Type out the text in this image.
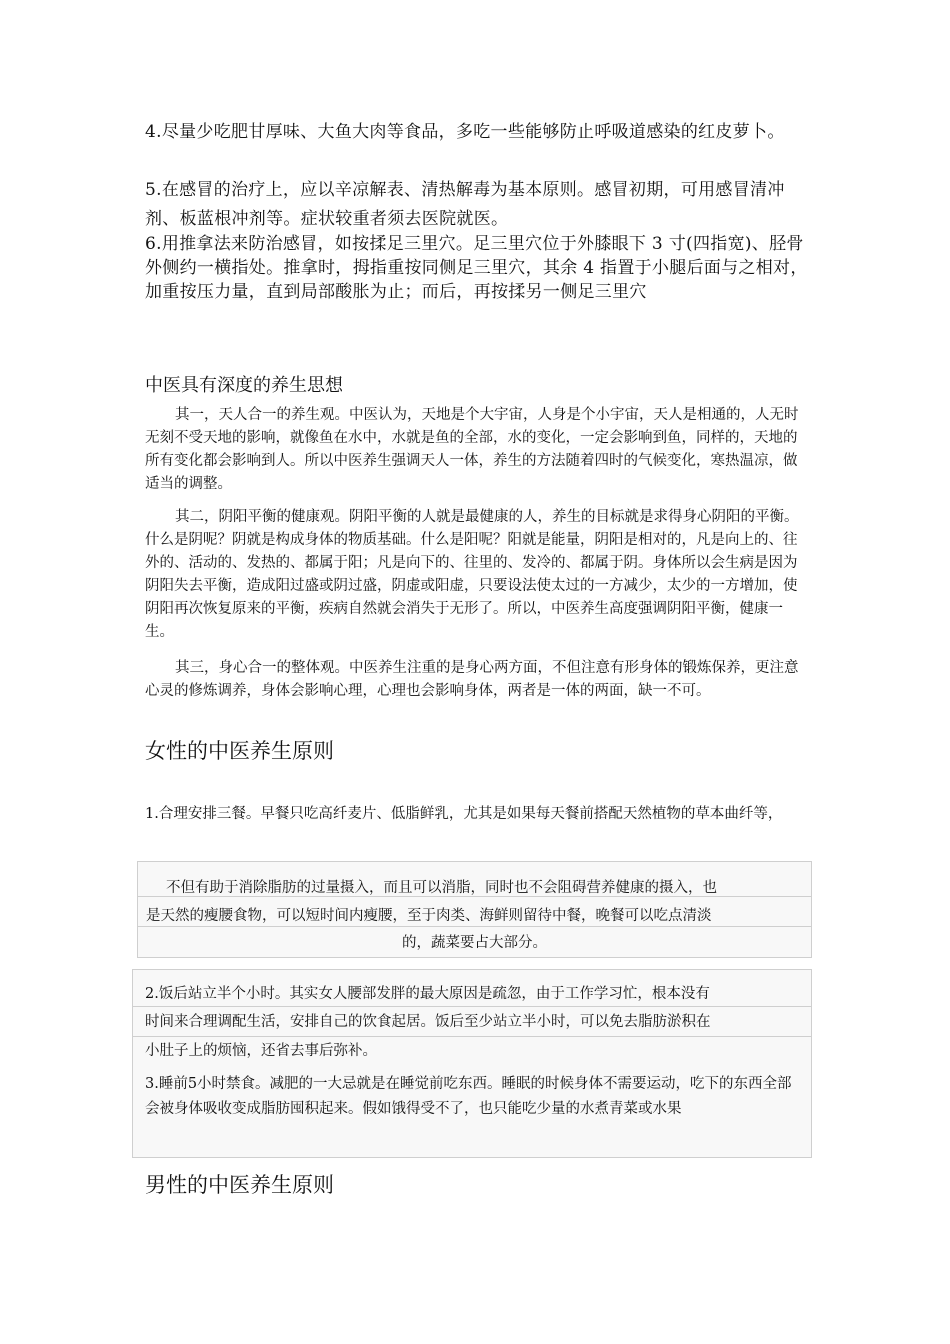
4.尽量少吃肥甘厚味、大鱼大肉等食品，多吃一些能够防止呼吸道感染的红皮萝卜。

5.在感冒的治疗上，应以辛凉解表、清热解毒为基本原则。感冒初期，可用感冒清冲剂、板蓝根冲剂等。症状较重者须去医院就医。

6.用推拿法来防治感冒，如按揉足三里穴。足三里穴位于外膝眼下 3 寸(四指宽)、胫骨外侧约一横指处。推拿时，拇指重按同侧足三里穴，其余 4 指置于小腿后面与之相对，加重按压力量，直到局部酸胀为止；而后，再按揉另一侧足三里穴

中医具有深度的养生思想

其一，天人合一的养生观。中医认为，天地是个大宇宙，人身是个小宇宙，天人是相通的，人无时无刻不受天地的影响，就像鱼在水中，水就是鱼的全部，水的变化，一定会影响到鱼，同样的，天地的所有变化都会影响到人。所以中医养生强调天人一体，养生的方法随着四时的气候变化，寒热温凉，做适当的调整。

其二，阴阳平衡的健康观。阴阳平衡的人就是最健康的人，养生的目标就是求得身心阴阳的平衡。什么是阴呢？阴就是构成身体的物质基础。什么是阳呢？阳就是能量，阴阳是相对的，凡是向上的、往外的、活动的、发热的、都属于阳；凡是向下的、往里的、发冷的、都属于阴。身体所以会生病是因为阴阳失去平衡，造成阳过盛或阴过盛，阴虚或阳虚，只要设法使太过的一方减少，太少的一方增加，使阴阳再次恢复原来的平衡，疾病自然就会消失于无形了。所以，中医养生高度强调阴阳平衡，健康一生。

其三，身心合一的整体观。中医养生注重的是身心两方面，不但注意有形身体的锻炼保养，更注意心灵的修炼调养，身体会影响心理，心理也会影响身体，两者是一体的两面，缺一不可。

女性的中医养生原则

1.合理安排三餐。早餐只吃高纤麦片、低脂鲜乳，尤其是如果每天餐前搭配天然植物的草本曲纤等，

不但有助于消除脂肪的过量摄入，而且可以消脂，同时也不会阻碍营养健康的摄入，也

是天然的瘦腰食物，可以短时间内瘦腰，至于肉类、海鲜则留待中餐，晚餐可以吃点清淡

的，蔬菜要占大部分。

2.饭后站立半个小时。其实女人腰部发胖的最大原因是疏忽，由于工作学习忙，根本没有

时间来合理调配生活，安排自己的饮食起居。饭后至少站立半小时，可以免去脂肪淤积在

小肚子上的烦恼，还省去事后弥补。

3.睡前5小时禁食。减肥的一大忌就是在睡觉前吃东西。睡眠的时候身体不需要运动，吃下的东西全部会被身体吸收变成脂肪囤积起来。假如饿得受不了，也只能吃少量的水煮青菜或水果

男性的中医养生原则
